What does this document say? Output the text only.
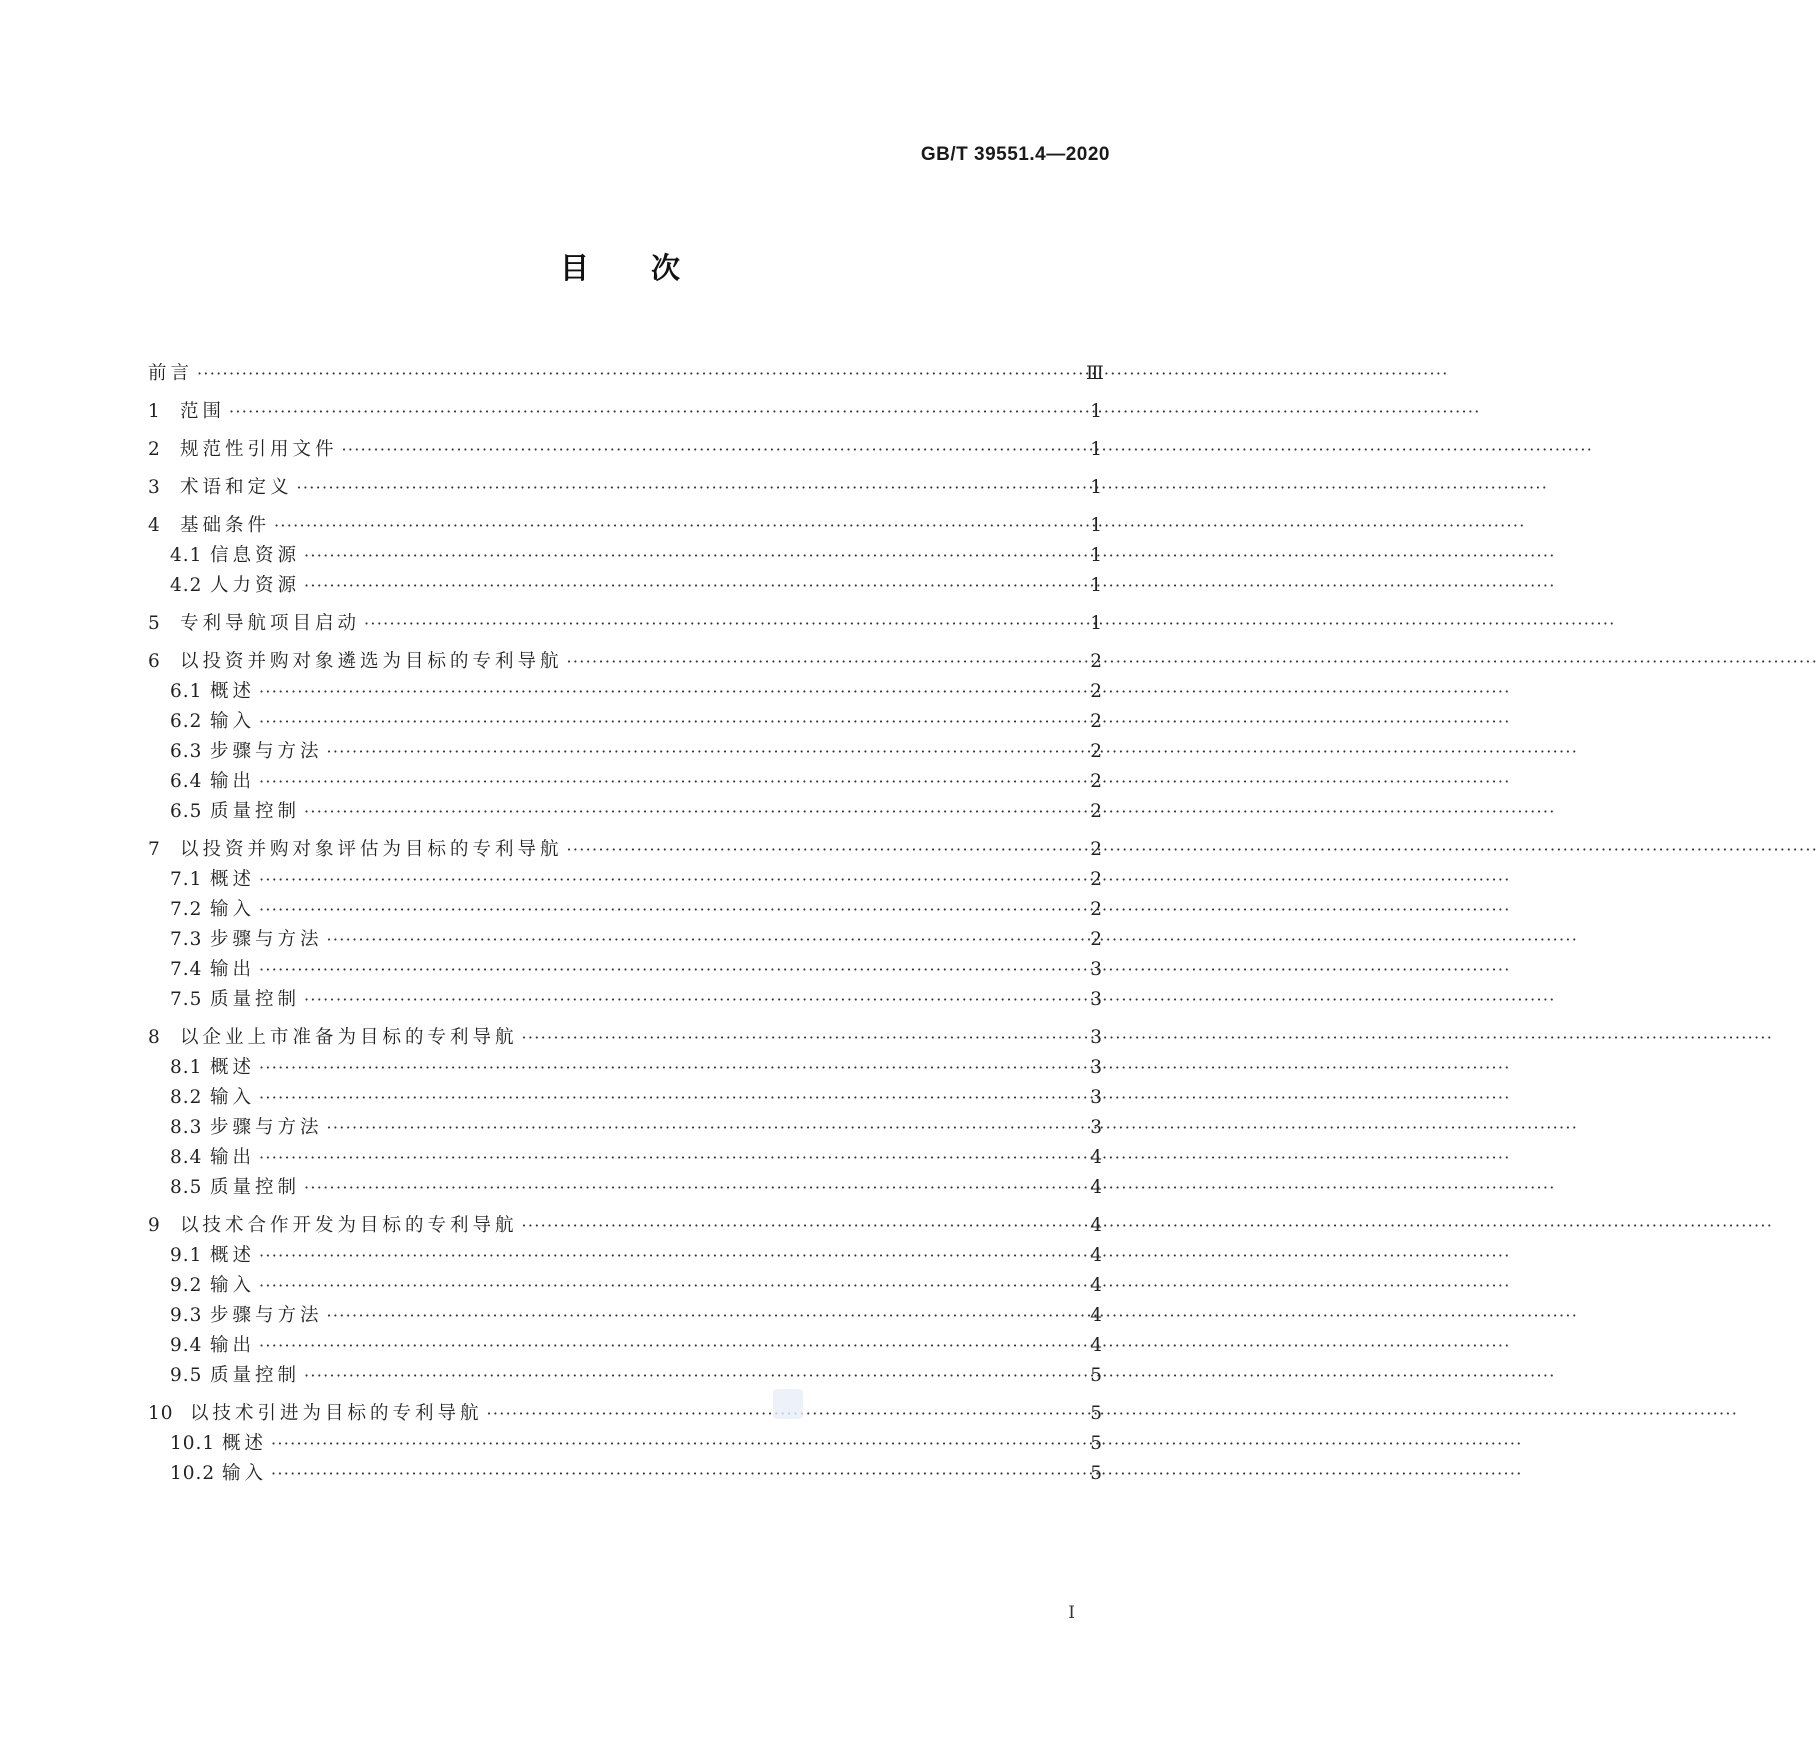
GB/T 39551.4—2020
目次
前言 ·····	Ⅲ
1	范围 ·····	1
2	规范性引用文件 ·····	1
3	术语和定义 ·····	1
4	基础条件 ·····	1
4.1 信息资源 ·····	1
4.2 人力资源 ·····	1
5	专利导航项目启动 ·····	1
6	以投资并购对象遴选为目标的专利导航 ·····	2
6.1 概述 ·····	2
6.2 输入 ·····	2
6.3 步骤与方法 ·····	2
6.4 输出 ·····	2
6.5 质量控制 ·····	2
7	以投资并购对象评估为目标的专利导航 ·····	2
7.1 概述 ·····	2
7.2 输入 ·····	2
7.3 步骤与方法 ·····	2
7.4 输出 ·····	3
7.5 质量控制 ·····	3
8	以企业上市准备为目标的专利导航 ·····	3
8.1 概述 ·····	3
8.2 输入 ·····	3
8.3 步骤与方法 ·····	3
8.4 输出 ·····	4
8.5 质量控制 ·····	4
9	以技术合作开发为目标的专利导航 ·····	4
9.1 概述 ·····	4
9.2 输入 ·····	4
9.3 步骤与方法 ·····	4
9.4 输出 ·····	4
9.5 质量控制 ·····	5
10 以技术引进为目标的专利导航 ·····	5
10.1 概述 ·····	5
10.2 输入 ·····	5
I
